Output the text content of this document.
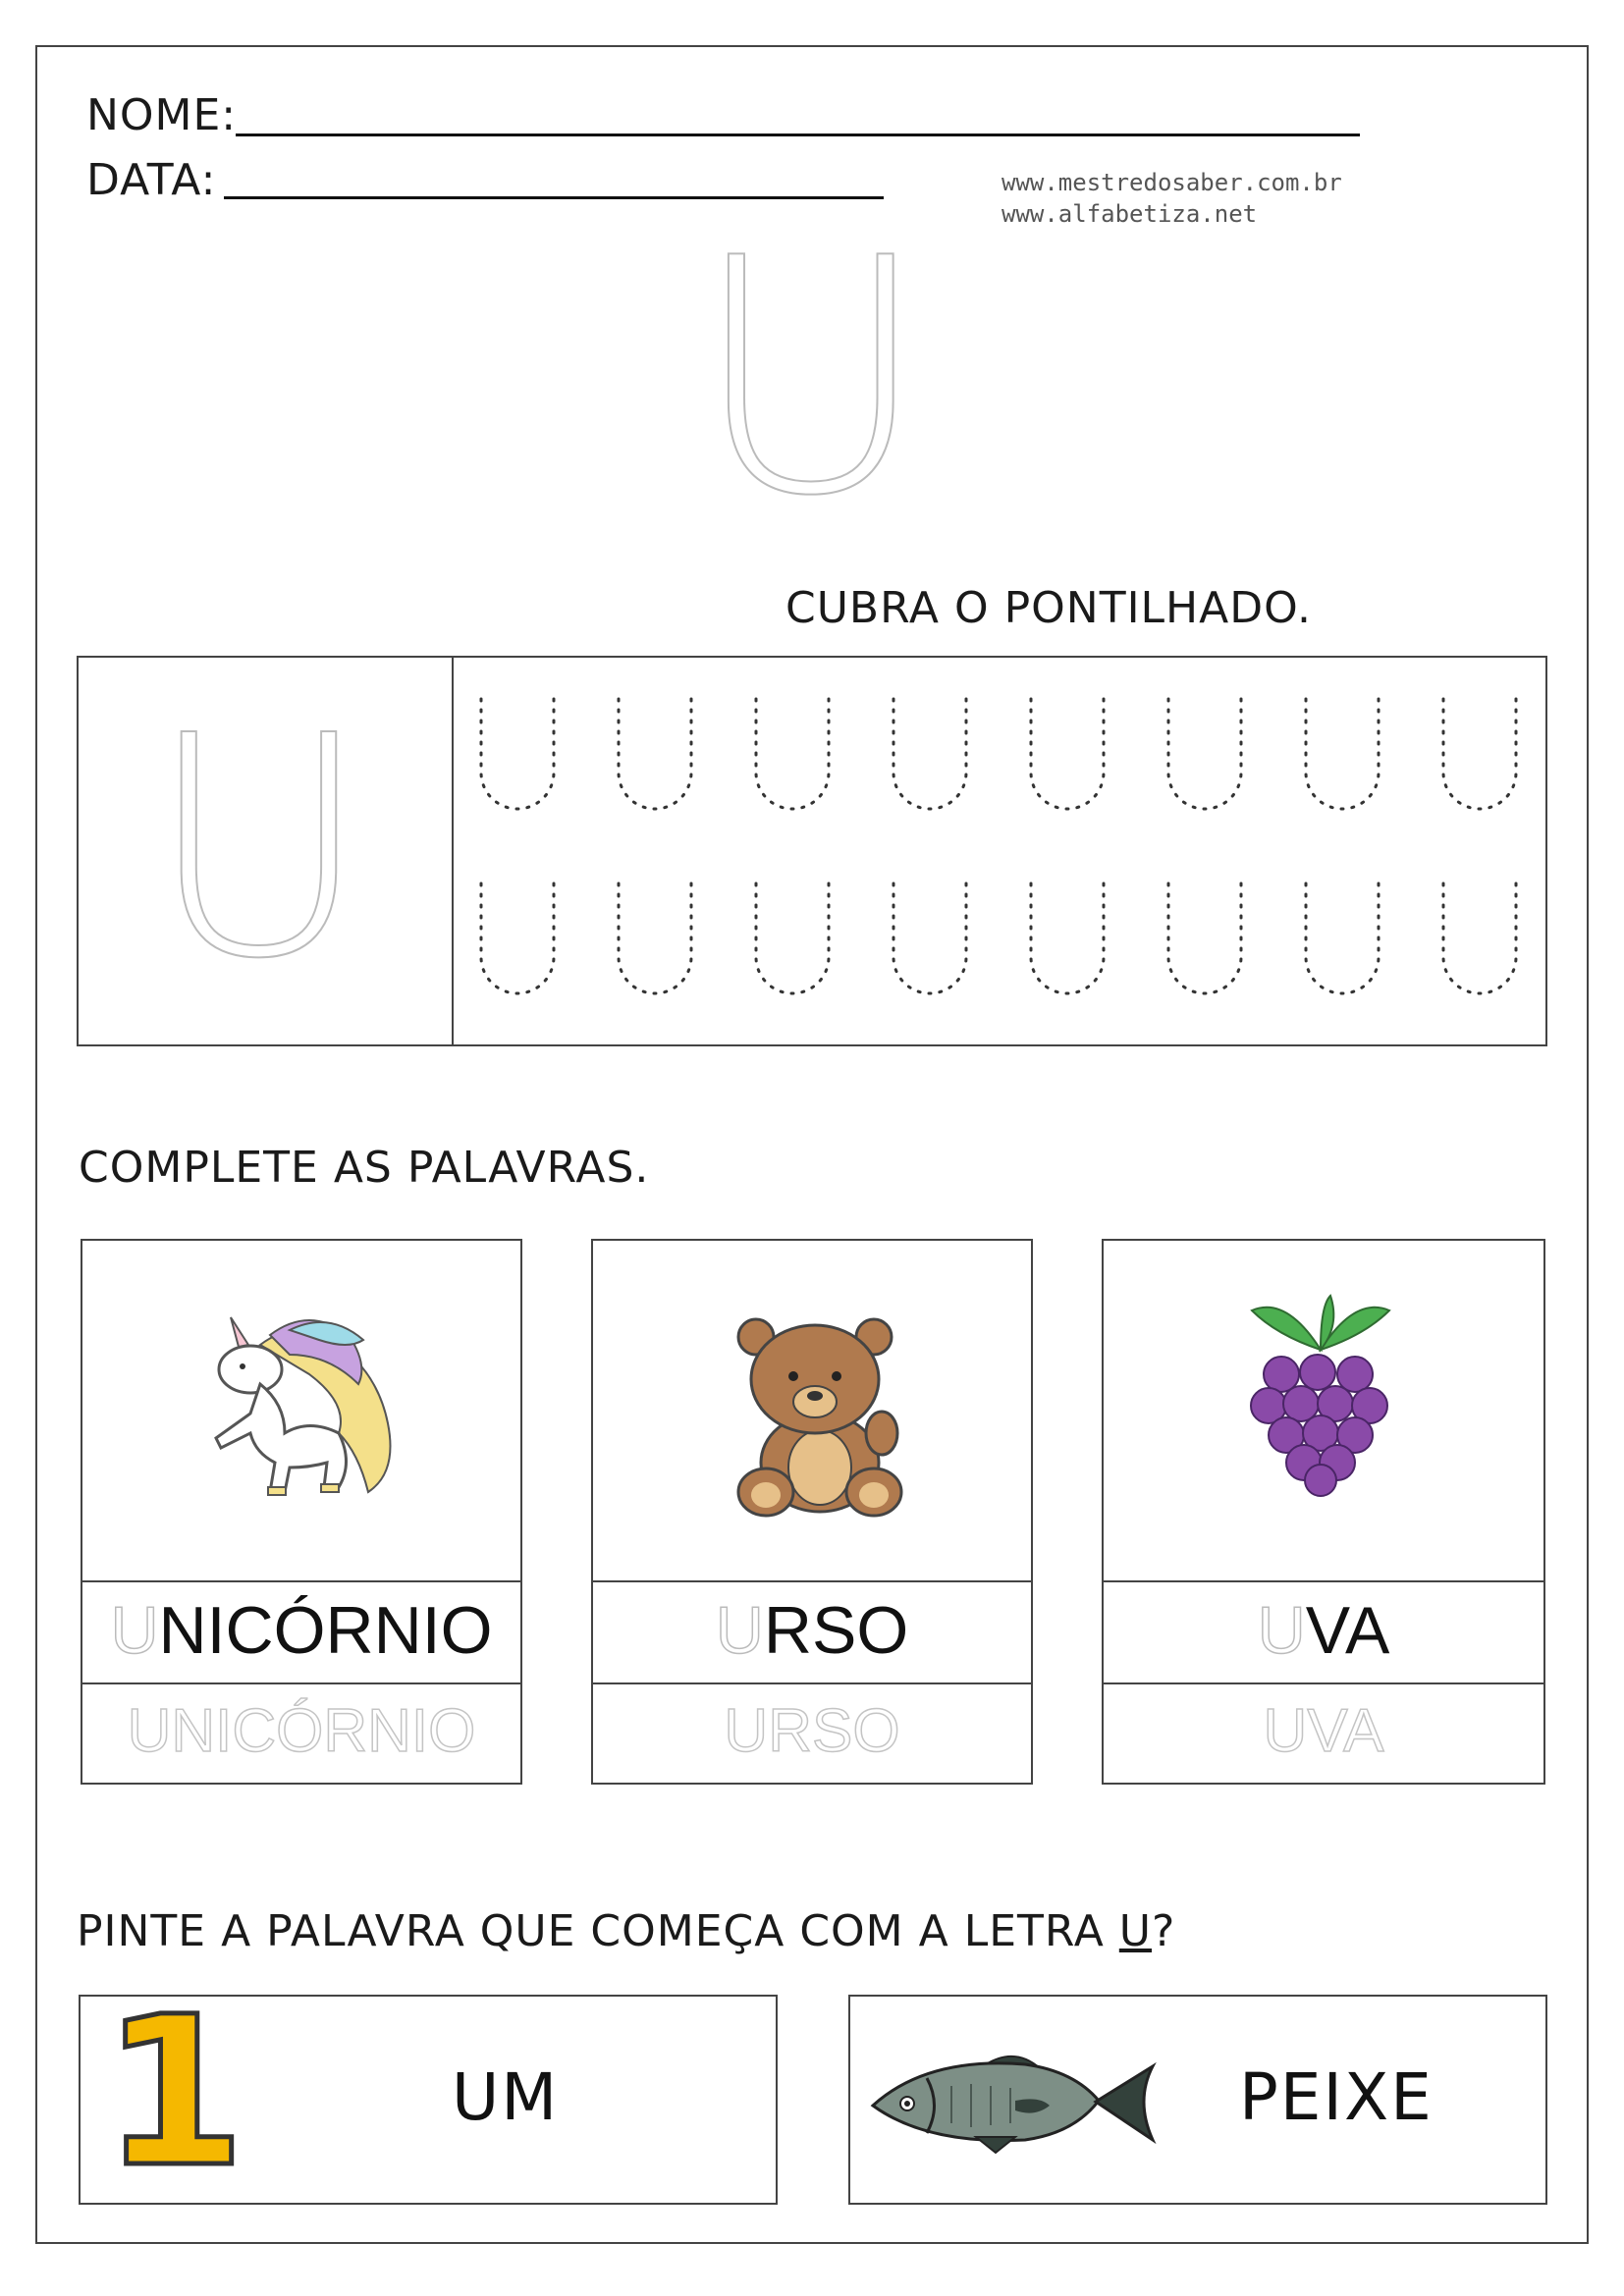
NOME:
DATA:	www.mestredosaber.com.br
www.alfabetiza.net
U
CUBRA O PONTILHADO.
U
COMPLETE AS PALAVRAS.
UNICÓRNIO
UNICÓRNIO
URSO
URSO
UVA
UVA
PINTE A PALAVRA QUE COMEÇA COM A LETRA U?
1	UM	PEIXE
